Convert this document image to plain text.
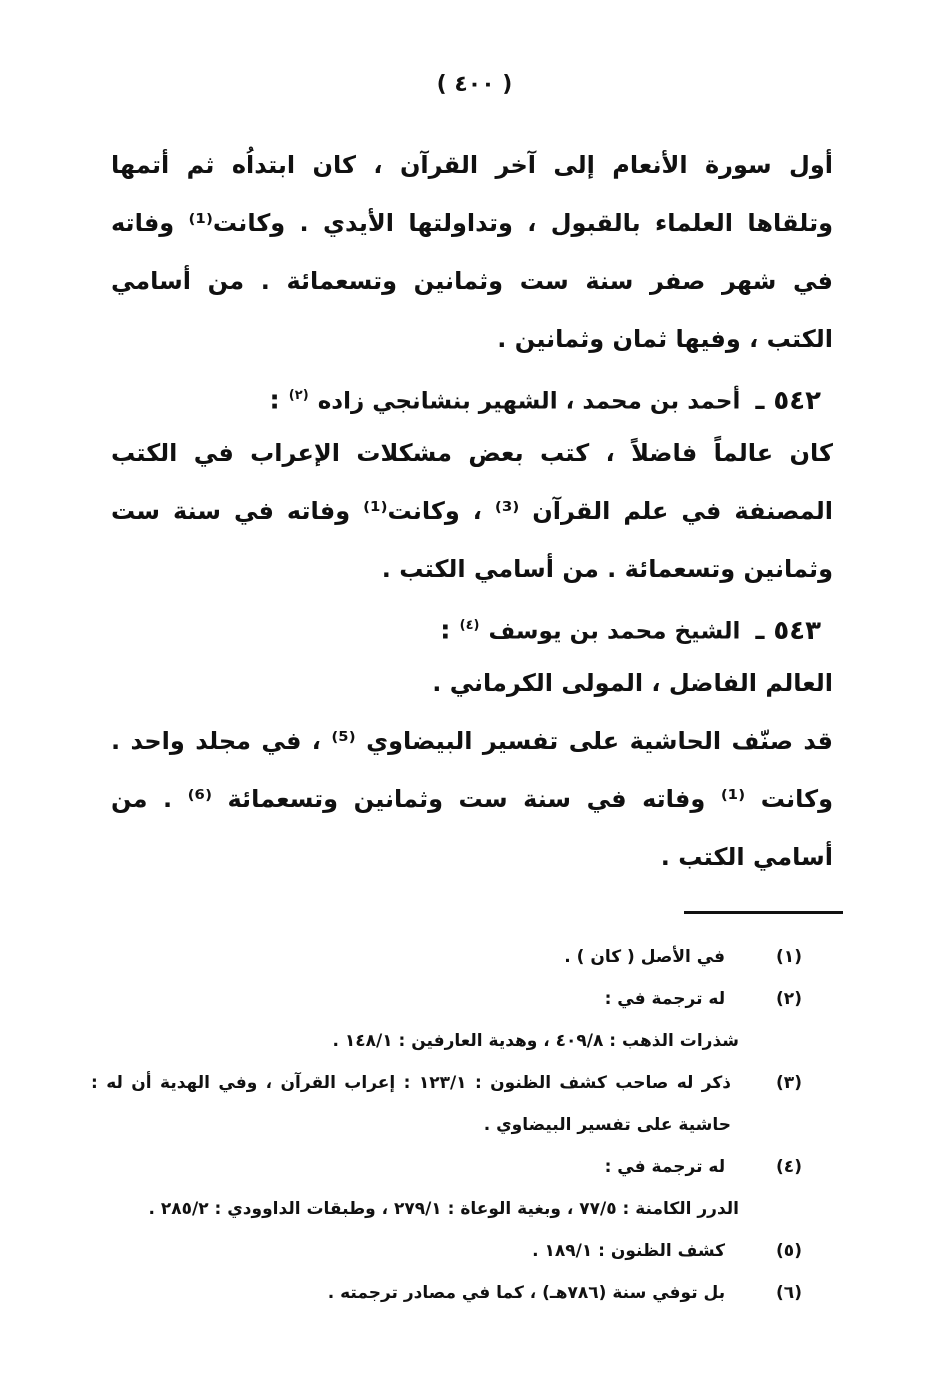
( ٤٠٠ )
أول سورة الأنعام إلى آخر القرآن ، كان ابتداُه ثم أتمها وتلقاها العلماء بالقبول ، وتداولتها الأيدي . وكانت⁽¹⁾ وفاته في شهر صفر سنة ست وثمانين وتسعمائة . من أسامي الكتب ، وفيها ثمان وثمانين .
٥٤٢ ـ أحمد بن محمد ، الشهير بنشانجي زاده $^{(٢)}$ :
كان عالماً فاضلاً ، كتب بعض مشكلات الإعراب في الكتب المصنفة في علم القرآن ⁽³⁾ ، وكانت⁽¹⁾ وفاته في سنة ست وثمانين وتسعمائة . من أسامي الكتب .
٥٤٣ ـ الشيخ محمد بن يوسف $^{(٤)}$ :
العالم الفاضل ، المولى الكرماني .
قد صنّف الحاشية على تفسير البيضاوي ⁽⁵⁾ ، في مجلد واحد . وكانت ⁽¹⁾ وفاته في سنة ست وثمانين وتسعمائة ⁽⁶⁾ . من أسامي الكتب .
(١) في الأصل ( كان ) .
(٢) له ترجمة في :
شذرات الذهب : ٤٠٩/٨ ، وهدية العارفين : ١٤٨/١ .
(٣)
ذكر له صاحب كشف الظنون : ١٢٣/١ : إعراب القرآن ، وفي الهدية أن له : حاشية على تفسير البيضاوي .
(٤) له ترجمة في :
الدرر الكامنة : ٧٧/٥ ، وبغية الوعاة : ٢٧٩/١ ، وطبقات الداوودي : ٢٨٥/٢ .
(٥) كشف الظنون : ١٨٩/١ .
(٦) بل توفي سنة (٧٨٦هـ) ، كما في مصادر ترجمته .
